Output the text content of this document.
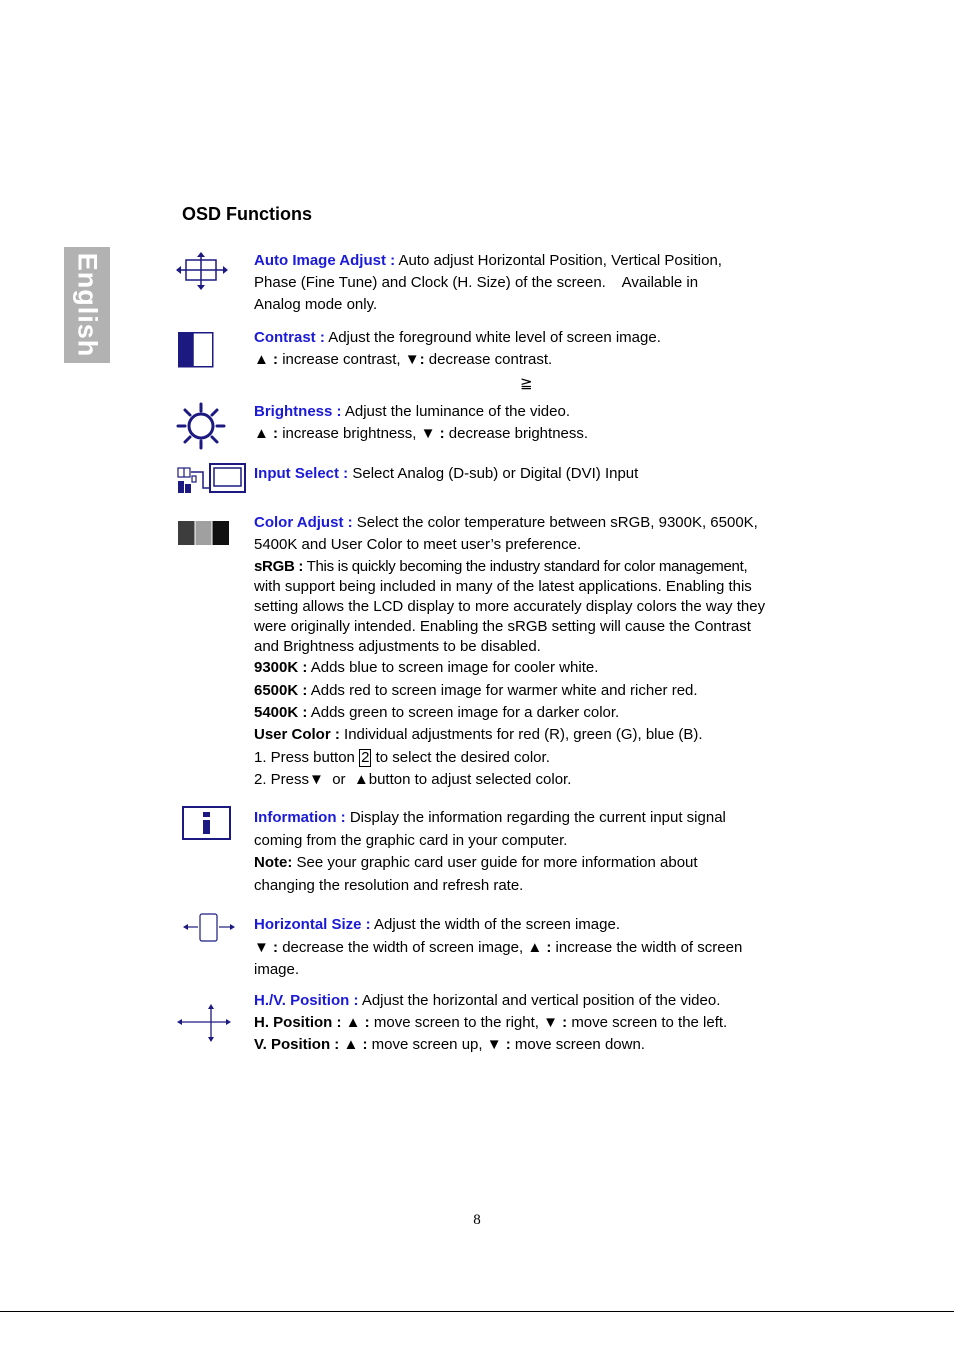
English
OSD Functions
Auto Image Adjust : Auto adjust Horizontal Position, Vertical Position,
Phase (Fine Tune) and Clock (H. Size) of the screen.    Available in
Analog mode only.
Contrast : Adjust the foreground white level of screen image.
▲ : increase contrast, ▼: decrease contrast.
≧
Brightness : Adjust the luminance of the video.
▲ : increase brightness, ▼ : decrease brightness.
Input Select : Select Analog (D-sub) or Digital (DVI) Input
Color Adjust : Select the color temperature between sRGB, 9300K, 6500K,
5400K and User Color to meet user’s preference.
sRGB : This is quickly becoming the industry standard for color management,
with support being included in many of the latest applications. Enabling this
setting allows the LCD display to more accurately display colors the way they
were originally intended. Enabling the sRGB setting will cause the Contrast
and Brightness adjustments to be disabled.
9300K : Adds blue to screen image for cooler white.
6500K : Adds red to screen image for warmer white and richer red.
5400K : Adds green to screen image for a darker color.
User Color : Individual adjustments for red (R), green (G), blue (B).
1. Press button 2 to select the desired color.
2. Press▼ or ▲button to adjust selected color.
Information : Display the information regarding the current input signal
coming from the graphic card in your computer.
Note: See your graphic card user guide for more information about
changing the resolution and refresh rate.
Horizontal Size : Adjust the width of the screen image.
▼ : decrease the width of screen image, ▲ : increase the width of screen
image.
H./V. Position : Adjust the horizontal and vertical position of the video.
H. Position : ▲ : move screen to the right, ▼ : move screen to the left.
V. Position : ▲ : move screen up, ▼ : move screen down.
8
